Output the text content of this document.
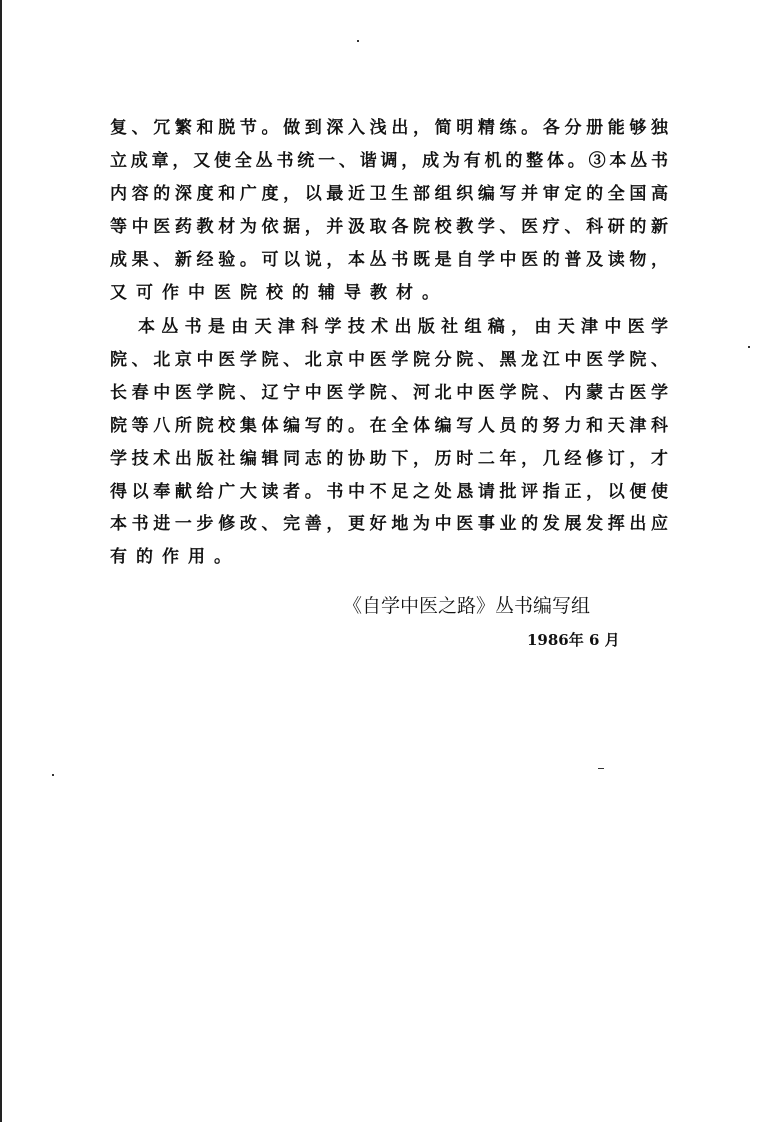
复、冗繁和脱节。做到深入浅出，简明精练。各分册能够独
立成章，又使全丛书统一、谐调，成为有机的整体。③本丛书
内容的深度和广度，以最近卫生部组织编写并审定的全国高
等中医药教材为依据，并汲取各院校教学、医疗、科研的新
成果、新经验。可以说，本丛书既是自学中医的普及读物，
又可作中医院校的辅导教材。
本丛书是由天津科学技术出版社组稿，由天津中医学
院、北京中医学院、北京中医学院分院、黑龙江中医学院、
长春中医学院、辽宁中医学院、河北中医学院、内蒙古医学
院等八所院校集体编写的。在全体编写人员的努力和天津科
学技术出版社编辑同志的协助下，历时二年，几经修订，才
得以奉献给广大读者。书中不足之处恳请批评指正，以便使
本书进一步修改、完善，更好地为中医事业的发展发挥出应
有的作用。
《自学中医之路》丛书编写组
1986年 6 月
